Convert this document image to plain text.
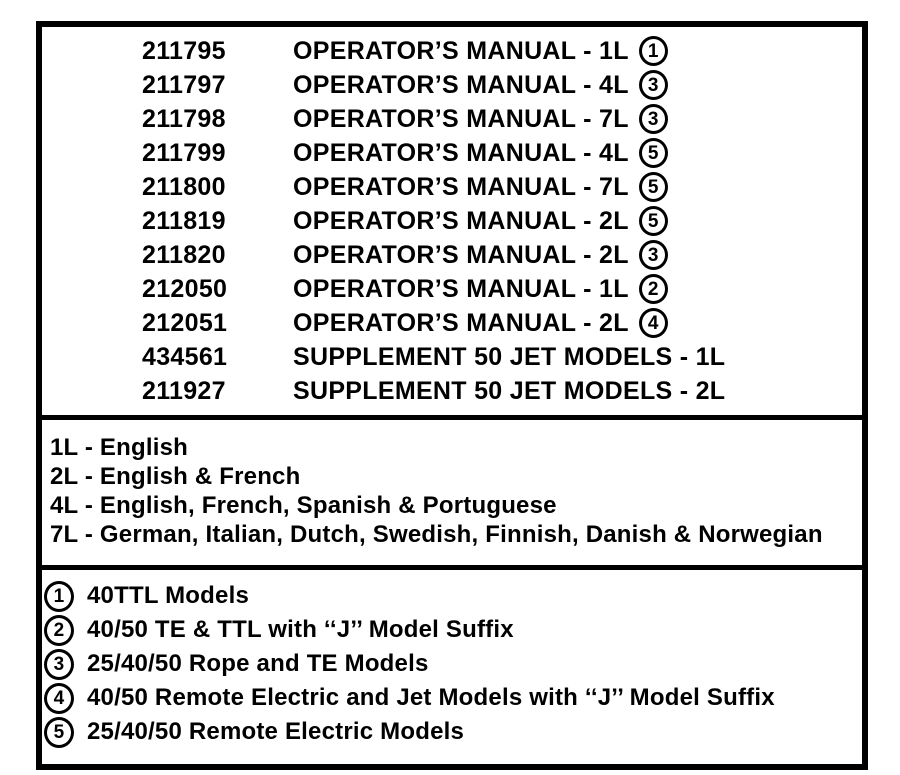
211795	OPERATOR’S MANUAL - 1L	1
211797	OPERATOR’S MANUAL - 4L	3
211798	OPERATOR’S MANUAL - 7L	3
211799	OPERATOR’S MANUAL - 4L	5
211800	OPERATOR’S MANUAL - 7L	5
211819	OPERATOR’S MANUAL - 2L	5
211820	OPERATOR’S MANUAL - 2L	3
212050	OPERATOR’S MANUAL - 1L	2
212051	OPERATOR’S MANUAL - 2L	4
434561	SUPPLEMENT 50 JET MODELS - 1L
211927	SUPPLEMENT 50 JET MODELS - 2L
1L - English
2L - English & French
4L - English, French, Spanish & Portuguese
7L - German, Italian, Dutch, Swedish, Finnish, Danish & Norwegian
1 40TTL Models
2 40/50 TE & TTL with ‘‘J’’ Model Suffix
3 25/40/50 Rope and TE Models
4 40/50 Remote Electric and Jet Models with ‘‘J’’ Model Suffix
5 25/40/50 Remote Electric Models
